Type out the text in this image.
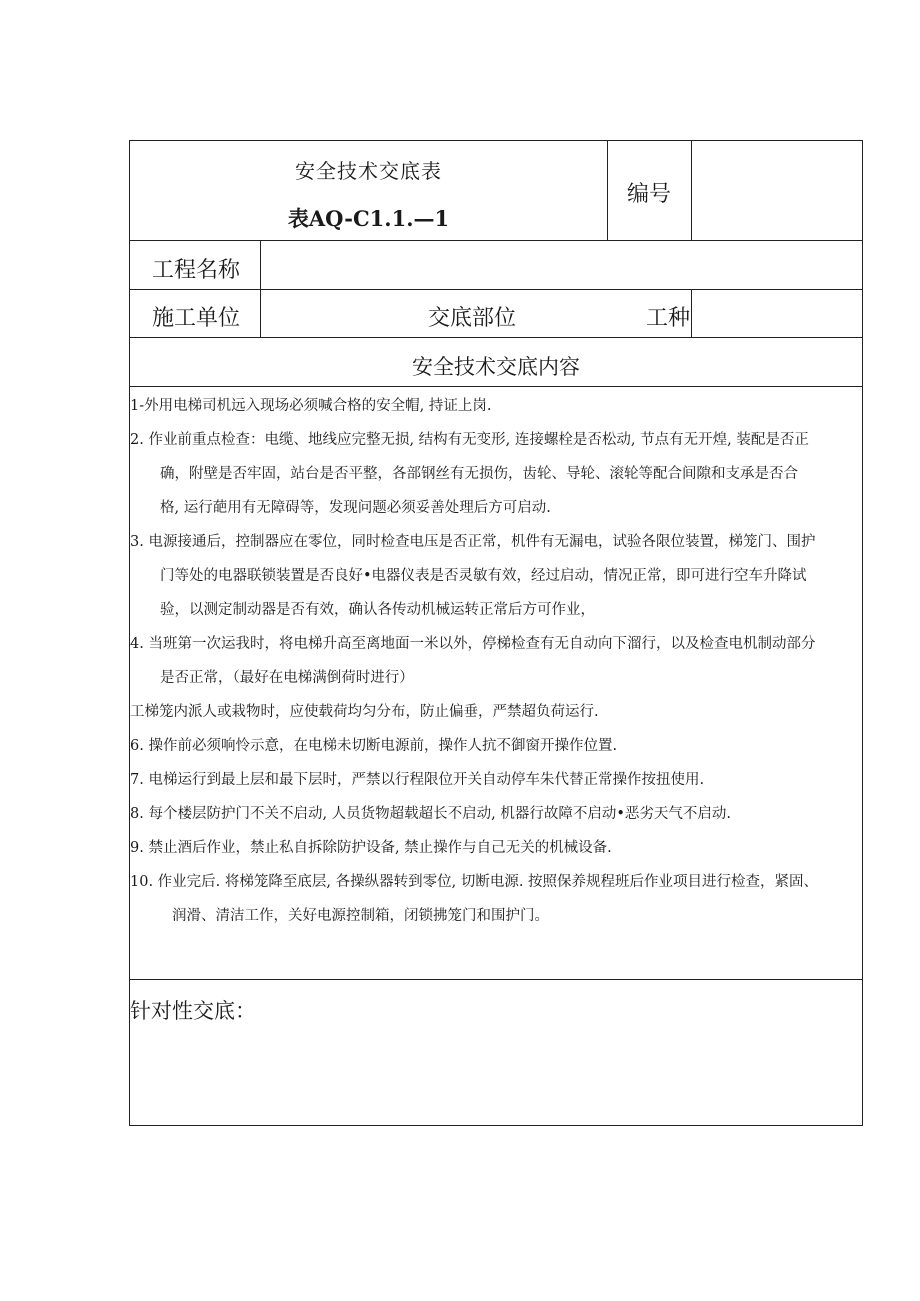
安全技术交底表
表AQ-C1.1.—1
编号
工程名称
施工单位	交底部位	工种
安全技术交底内容
1-外用电梯司机远入现场必须喊合格的安全帽, 持证上岗.
2. 作业前重点检查：电缆、地线应完整无损, 结构有无变形, 连接螺栓是否松动, 节点有无开煌, 装配是否正
确，附壁是否牢固，站台是否平整，各部钢丝有无损伤，齿轮、导轮、滚轮等配合间隙和支承是否合
格, 运行葩用有无障碍等，发现问题必须妥善处理后方可启动.
3. 电源接通后，控制器应在零位，同时检查电压是否正常，机件有无漏电，试验各限位装置，梯笼门、围护
门等处的电器联锁装置是否良好•电器仪表是否灵敏有效，经过启动，情况正常，即可进行空车升降试
验，以测定制动器是否有效，确认各传动机械运转正常后方可作业，
4. 当班第一次运我时，将电梯升高至离地面一米以外，停梯检查有无自动向下溜行，以及检查电机制动部分
是否正常，（最好在电梯满倒荷时进行）
工梯笼内派人或栽物时，应使载荷均匀分布，防止偏垂，严禁超负荷运行.
6. 操作前必须响怜示意，在电梯未切断电源前，操作人抗不御窗开操作位置.
7. 电梯运行到最上层和最下层时，严禁以行程限位开关自动停车朱代替正常操作按扭使用.
8. 每个楼层防护门不关不启动, 人员货物超载超长不启动, 机器行故障不启动•恶劣天气不启动.
9. 禁止酒后作业，禁止私自拆除防护设备, 禁止操作与自己无关的机械设备.
10. 作业完后. 将梯笼降至底层, 各操纵器转到零位, 切断电源. 按照保养规程班后作业项目进行检查，紧固、
润滑、清洁工作，关好电源控制箱，闭锁拂笼门和围护门。
针对性交底：
